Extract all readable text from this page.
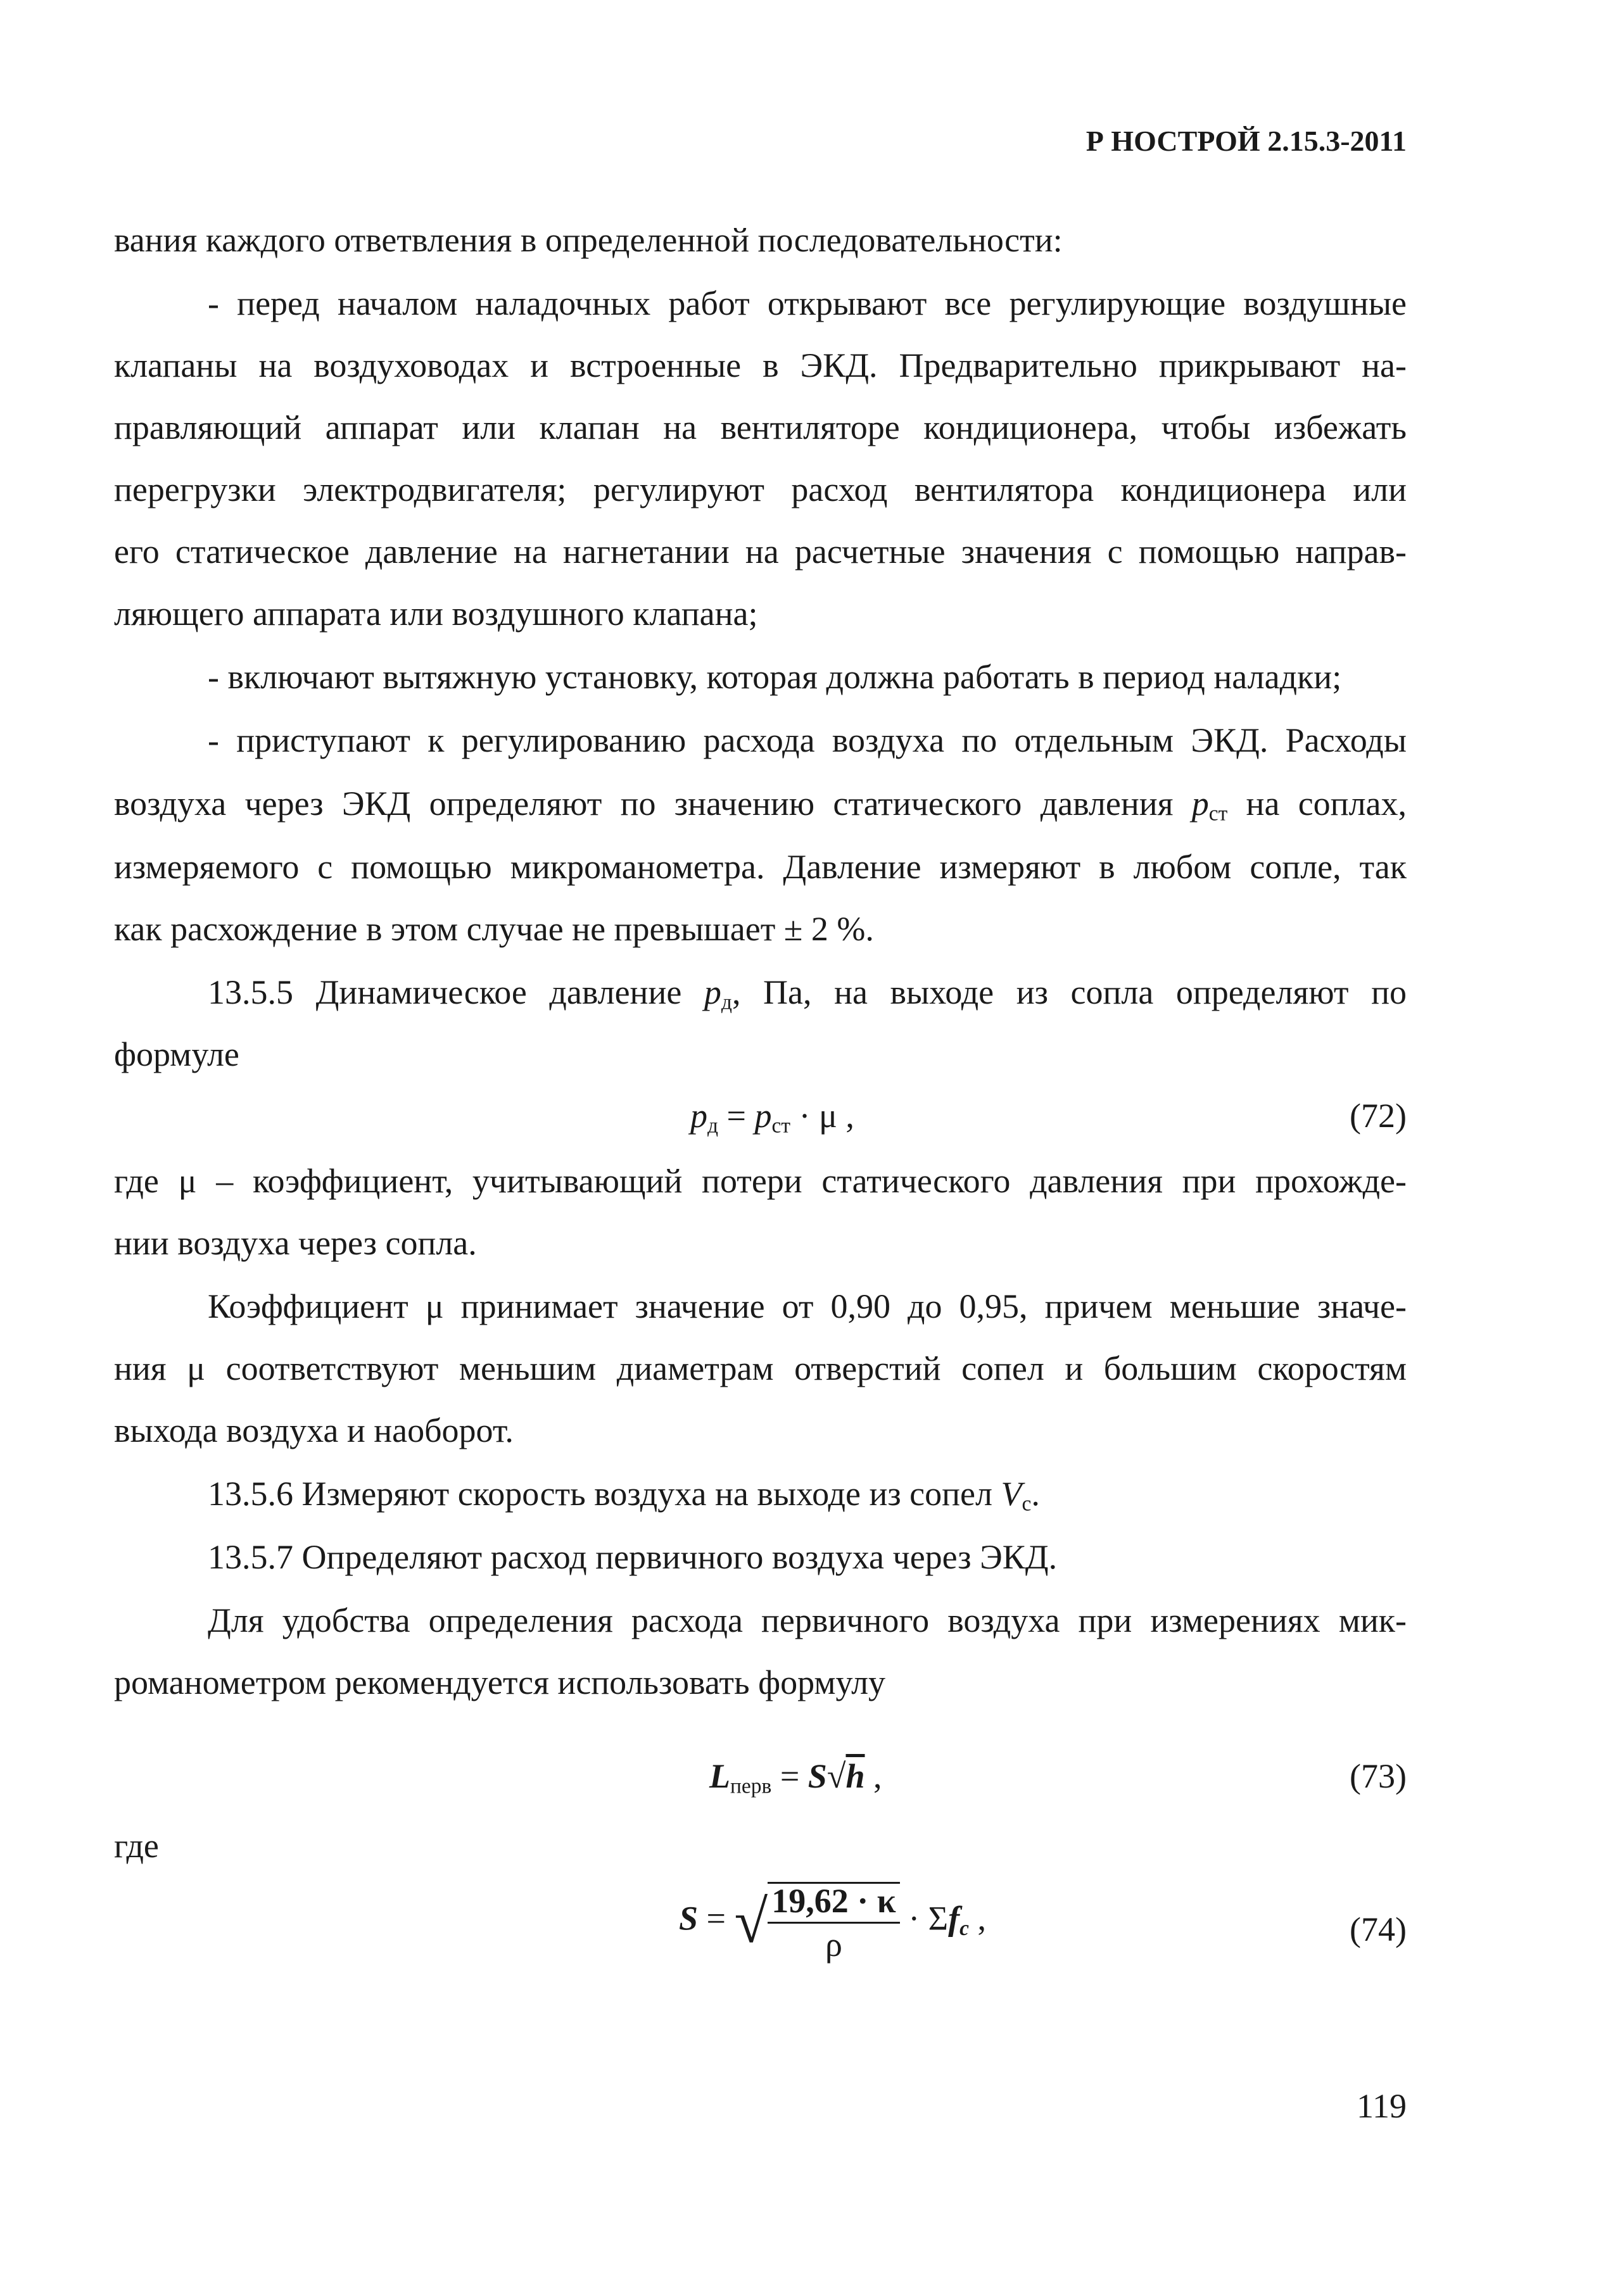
Р НОСТРОЙ 2.15.3-2011
вания каждого ответвления в определенной последовательности:
- перед началом наладочных работ открывают все регулирующие воздушные
клапаны на воздуховодах и встроенные в ЭКД. Предварительно прикрывают на-
правляющий аппарат или клапан на вентиляторе кондиционера, чтобы избежать
перегрузки электродвигателя; регулируют расход вентилятора кондиционера или
его статическое давление на нагнетании на расчетные значения с помощью направ-
ляющего аппарата или воздушного клапана;
- включают вытяжную установку, которая должна работать в период наладки;
- приступают к регулированию расхода воздуха по отдельным ЭКД. Расходы
воздуха через ЭКД определяют по значению статического давления $p_{ст}$ на соплах,
измеряемого с помощью микроманометра. Давление измеряют в любом сопле, так
как расхождение в этом случае не превышает ± 2 %.
13.5.5 Динамическое давление $p_д$, Па, на выходе из сопла определяют по
формуле
$p_д = p_{ст} \cdot \mu$ ,	(72)
где μ – коэффициент, учитывающий потери статического давления при прохожде-
нии воздуха через сопла.
Коэффициент μ принимает значение от 0,90 до 0,95, причем меньшие значе-
ния μ соответствуют меньшим диаметрам отверстий сопел и большим скоростям
выхода воздуха и наоборот.
13.5.6 Измеряют скорость воздуха на выходе из сопел $V_с$.
13.5.7 Определяют расход первичного воздуха через ЭКД.
Для удобства определения расхода первичного воздуха при измерениях мик-
романометром рекомендуется использовать формулу
$L_{перв} = S√h$ ,	(73)
где
S = √ $\frac{19,62 \cdot \kappa}{\rho} \cdot \Sigma f_c$ ,	(74)
119
